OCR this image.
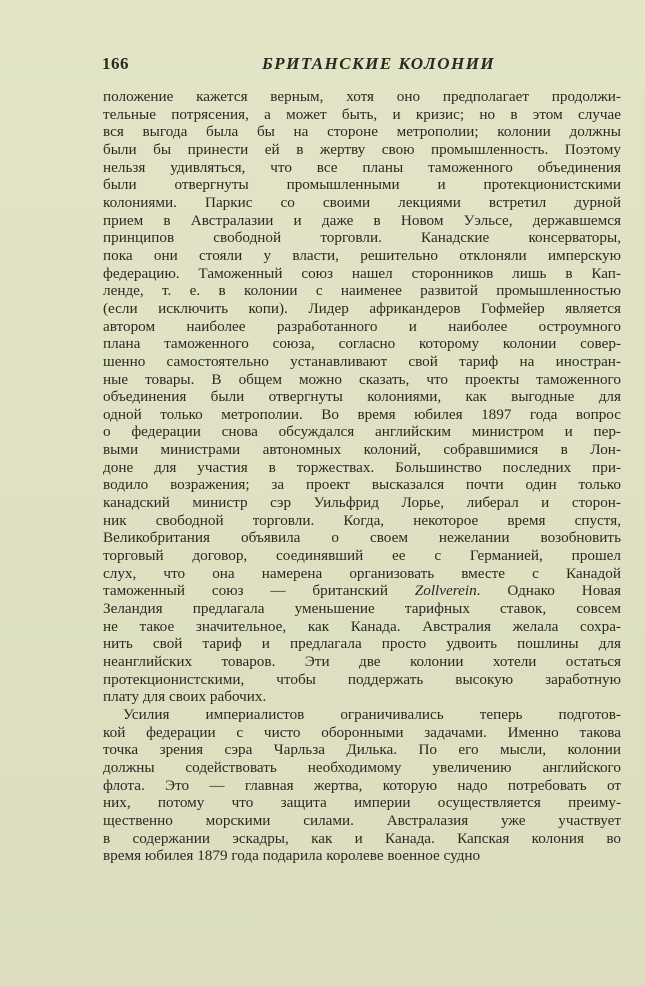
166	БРИТАНСКИЕ КОЛОНИИ

положение кажется верным, хотя оно предполагает продолжи-
тельные потрясения, а может быть, и кризис; но в этом случае
вся выгода была бы на стороне метрополии; колонии должны
были бы принести ей в жертву свою промышленность. Поэтому
нельзя удивляться, что все планы таможенного объединения
были отвергнуты промышленными и протекционистскими
колониями. Паркис со своими лекциями встретил дурной
прием в Австралазии и даже в Новом Уэльсе, державшемся
принципов свободной торговли. Канадские консерваторы,
пока они стояли у власти, решительно отклоняли имперскую
федерацию. Таможенный союз нашел сторонников лишь в Кап-
ленде, т. е. в колонии с наименее развитой промышленностью
(если исключить копи). Лидер африкандеров Гофмейер является
автором наиболее разработанного и наиболее остроумного
плана таможенного союза, согласно которому колонии совер-
шенно самостоятельно устанавливают свой тариф на иностран-
ные товары. В общем можно сказать, что проекты таможенного
объединения были отвергнуты колониями, как выгодные для
одной только метрополии. Во время юбилея 1897 года вопрос
о федерации снова обсуждался английским министром и пер-
выми министрами автономных колоний, собравшимися в Лон-
доне для участия в торжествах. Большинство последних при-
водило возражения; за проект высказался почти один только
канадский министр сэр Уильфрид Лорье, либерал и сторон-
ник свободной торговли. Когда, некоторое время спустя,
Великобритания объявила о своем нежелании возобновить
торговый договор, соединявший ее с Германией, прошел
слух, что она намерена организовать вместе с Канадой
таможенный союз — британский Zollverein. Однако Новая
Зеландия предлагала уменьшение тарифных ставок, совсем
не такое значительное, как Канада. Австралия желала сохра-
нить свой тариф и предлагала просто удвоить пошлины для
неанглийских товаров. Эти две колонии хотели остаться
протекционистскими, чтобы поддержать высокую заработную
плату для своих рабочих.

Усилия империалистов ограничивались теперь подготов-
кой федерации с чисто оборонными задачами. Именно такова
точка зрения сэра Чарльза Дилька. По его мысли, колонии
должны содействовать необходимому увеличению английского
флота. Это — главная жертва, которую надо потребовать от
них, потому что защита империи осуществляется преиму-
щественно морскими силами. Австралазия уже участвует
в содержании эскадры, как и Канада. Капская колония во
время юбилея 1879 года подарила королеве военное судно
